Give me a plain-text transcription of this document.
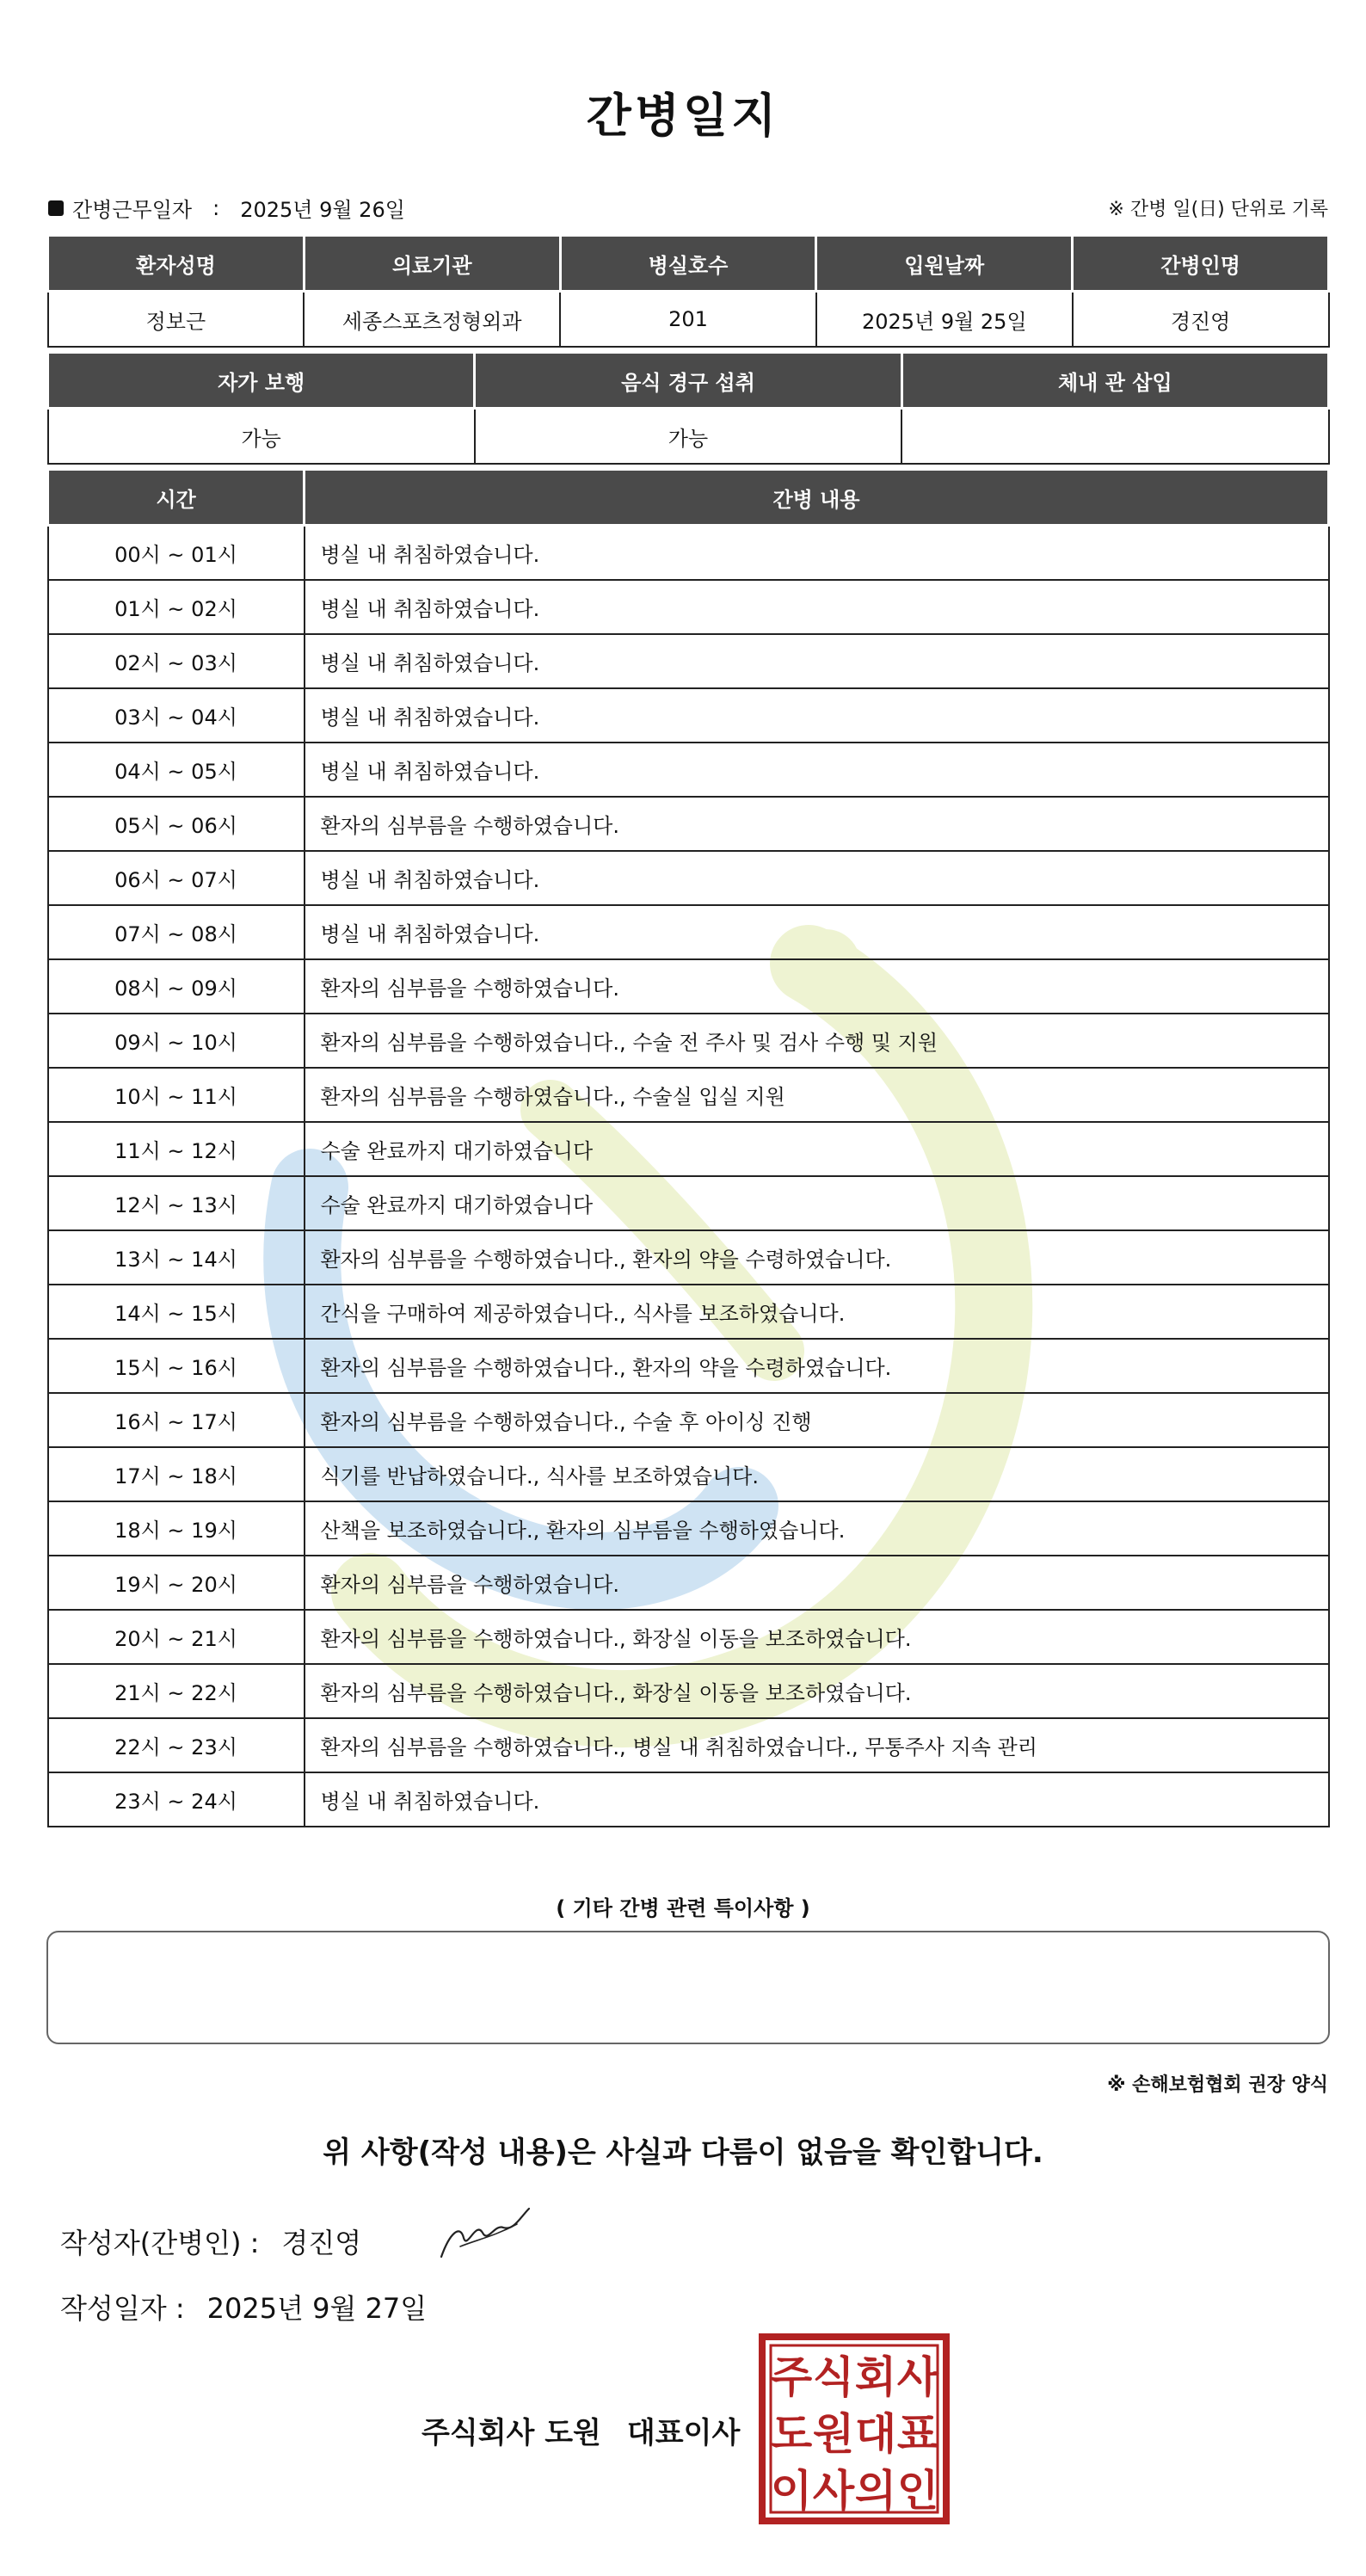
간병일지
간병근무일자 : 2025년 9월 26일	※ 간병 일(日) 단위로 기록
환자성명	의료기관	병실호수	입원날짜	간병인명
정보근	세종스포츠정형외과	201	2025년 9월 25일	경진영
자가 보행	음식 경구 섭취	체내 관 삽입
가능	가능	
시간	간병 내용
00시 ~ 01시	병실 내 취침하였습니다.
01시 ~ 02시	병실 내 취침하였습니다.
02시 ~ 03시	병실 내 취침하였습니다.
03시 ~ 04시	병실 내 취침하였습니다.
04시 ~ 05시	병실 내 취침하였습니다.
05시 ~ 06시	환자의 심부름을 수행하였습니다.
06시 ~ 07시	병실 내 취침하였습니다.
07시 ~ 08시	병실 내 취침하였습니다.
08시 ~ 09시	환자의 심부름을 수행하였습니다.
09시 ~ 10시	환자의 심부름을 수행하였습니다., 수술 전 주사 및 검사 수행 및 지원
10시 ~ 11시	환자의 심부름을 수행하였습니다., 수술실 입실 지원
11시 ~ 12시	수술 완료까지 대기하였습니다
12시 ~ 13시	수술 완료까지 대기하였습니다
13시 ~ 14시	환자의 심부름을 수행하였습니다., 환자의 약을 수령하였습니다.
14시 ~ 15시	간식을 구매하여 제공하였습니다., 식사를 보조하였습니다.
15시 ~ 16시	환자의 심부름을 수행하였습니다., 환자의 약을 수령하였습니다.
16시 ~ 17시	환자의 심부름을 수행하였습니다., 수술 후 아이싱 진행
17시 ~ 18시	식기를 반납하였습니다., 식사를 보조하였습니다.
18시 ~ 19시	산책을 보조하였습니다., 환자의 심부름을 수행하였습니다.
19시 ~ 20시	환자의 심부름을 수행하였습니다.
20시 ~ 21시	환자의 심부름을 수행하였습니다., 화장실 이동을 보조하였습니다.
21시 ~ 22시	환자의 심부름을 수행하였습니다., 화장실 이동을 보조하였습니다.
22시 ~ 23시	환자의 심부름을 수행하였습니다., 병실 내 취침하였습니다., 무통주사 지속 관리
23시 ~ 24시	병실 내 취침하였습니다.
( 기타 간병 관련 특이사항 )
※ 손해보험협회 권장 양식
위 사항(작성 내용)은 사실과 다름이 없음을 확인합니다.
작성자(간병인) : 경진영
작성일자 : 2025년 9월 27일
주식회사 도원 대표이사
주 식 회 사
도 원 대 표
이 사 의 인
